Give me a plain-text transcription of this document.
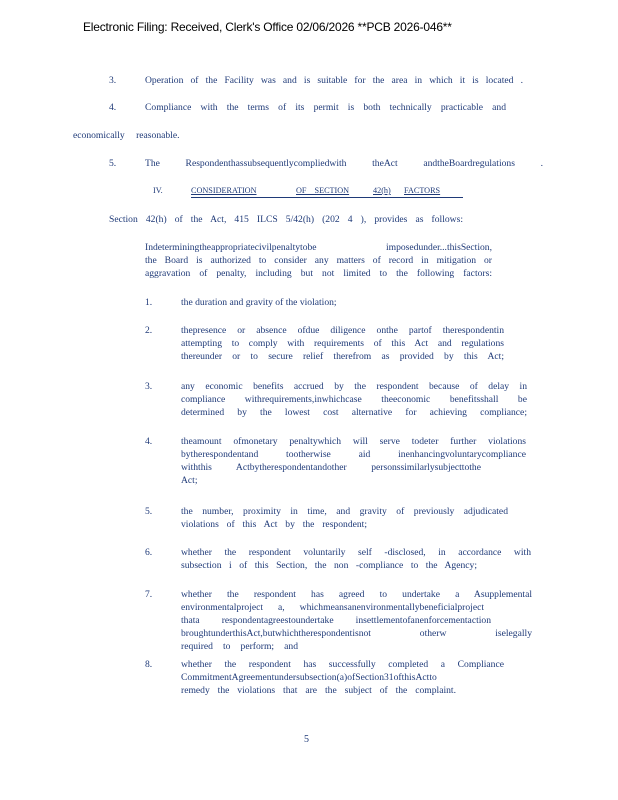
Electronic Filing: Received, Clerk's Office 02/06/2026 **PCB 2026-046**
3.	Operation of the Facility was and is suitable for the area in which it is located .
4.	Compliance with the terms of its permit is both technically practicable and
economically reasonable.
5.	The Respondenthassubsequentlycompliedwith theAct andtheBoardregulations .
IV.	CONSIDERATION	OF SECTION	42(h) FACTORS
Section 42(h) of the Act, 415 ILCS 5/42(h) (202 4 ), provides as follows:
Indeterminingtheappropriatecivilpenaltytobe imposedunder...thisSection,
the Board is authorized to consider any matters of record in mitigation or
aggravation of penalty, including but not limited to the following factors:
1.	the duration and gravity of the violation;
2.	thepresence or absence ofdue diligence onthe partof therespondentin
attempting to comply with requirements of this Act and regulations
thereunder or to secure relief therefrom as provided by this Act;
3.	any economic benefits accrued by the respondent because of delay in
compliance withrequirements,inwhichcase theeconomic benefitsshall be
determined by the lowest cost alternative for achieving compliance;
4.	theamount ofmonetary penaltywhich will serve todeter further violations
bytherespondentand tootherwise aid inenhancingvoluntarycompliance
withthis Actbytherespondentandother personssimilarlysubjecttothe
Act;
5.	the number, proximity in time, and gravity of previously adjudicated
violations of this Act by the respondent;
6.	whether the respondent voluntarily self -disclosed, in accordance with
subsection i of this Section, the non -compliance to the Agency;
7.	whether the respondent has agreed to undertake a Asupplemental
environmentalproject a, whichmeansanenvironmentallybeneficialproject
thata respondentagreestoundertake insettlementofanenforcementaction
broughtunderthisAct,butwhichtherespondentisnot otherw iselegally
required to perform; and
8.	whether the respondent has successfully completed a Compliance
CommitmentAgreementundersubsection(a)ofSection31ofthisActto
remedy the violations that are the subject of the complaint.
5
